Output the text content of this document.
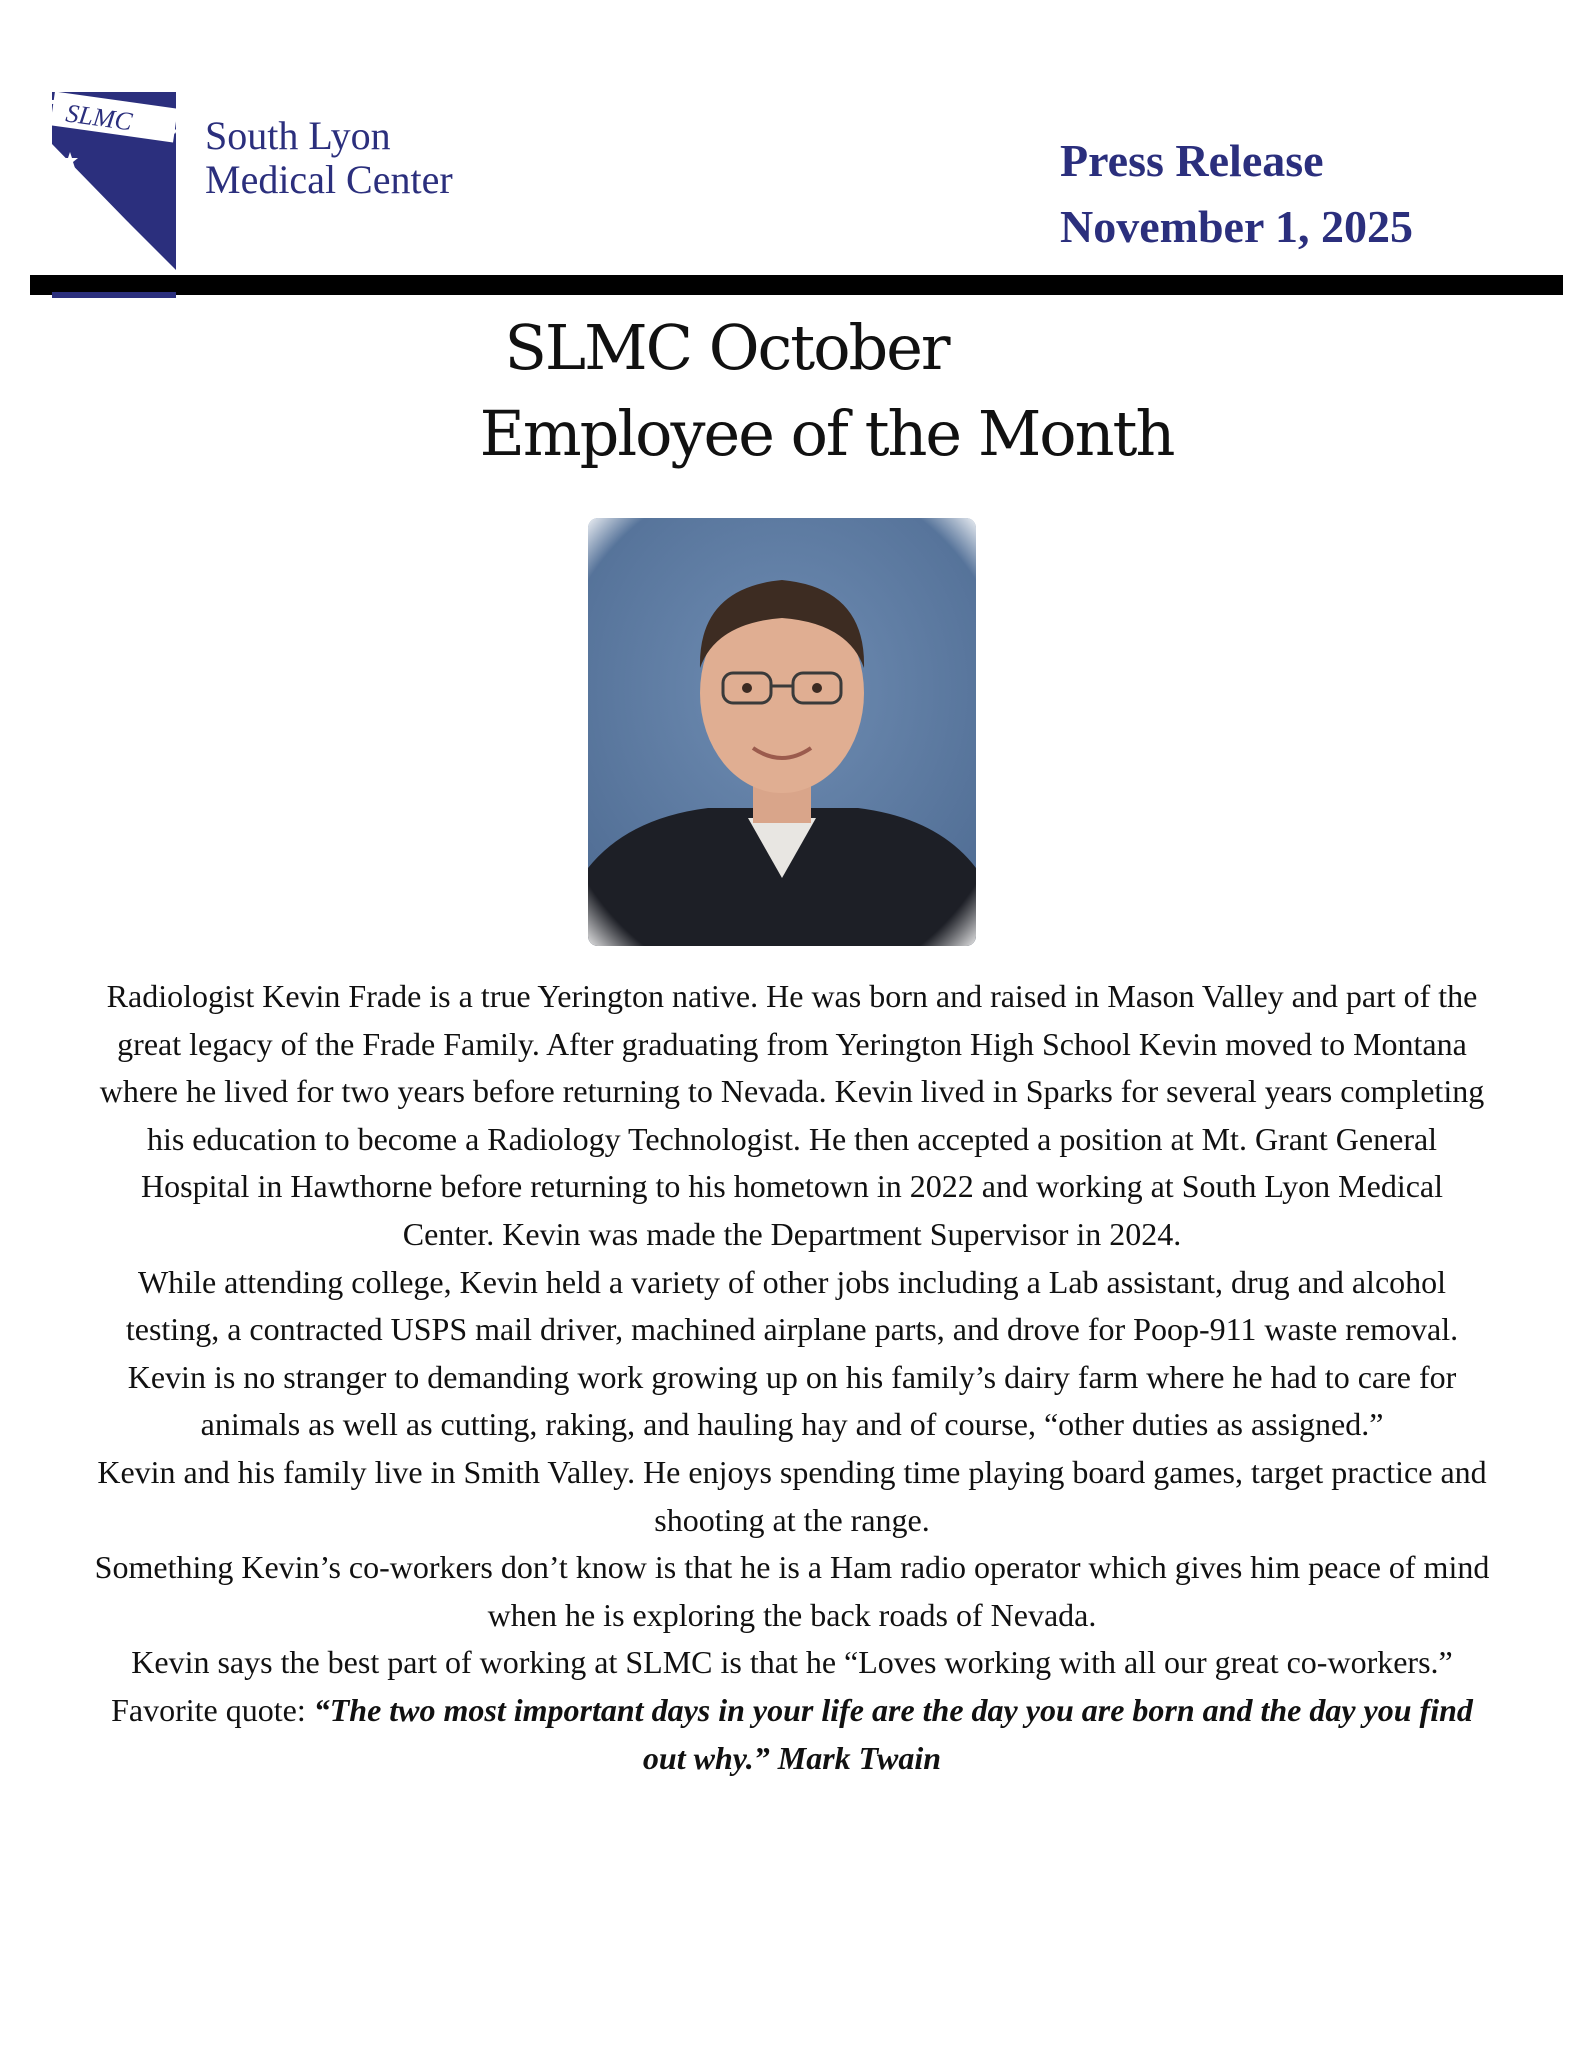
SLMC South Lyon
Medical Center	Press Release
November 1, 2025
SLMC October
Employee of the Month

Radiologist Kevin Frade is a true Yerington native. He was born and raised in Mason Valley and part of the great legacy of the Frade Family. After graduating from Yerington High School Kevin moved to Montana where he lived for two years before returning to Nevada. Kevin lived in Sparks for several years completing his education to become a Radiology Technologist. He then accepted a position at Mt. Grant General Hospital in Hawthorne before returning to his hometown in 2022 and working at South Lyon Medical Center. Kevin was made the Department Supervisor in 2024.

While attending college, Kevin held a variety of other jobs including a Lab assistant, drug and alcohol testing, a contracted USPS mail driver, machined airplane parts, and drove for Poop-911 waste removal. Kevin is no stranger to demanding work growing up on his family’s dairy farm where he had to care for animals as well as cutting, raking, and hauling hay and of course, “other duties as assigned.”

Kevin and his family live in Smith Valley. He enjoys spending time playing board games, target practice and shooting at the range.

Something Kevin’s co-workers don’t know is that he is a Ham radio operator which gives him peace of mind when he is exploring the back roads of Nevada.

Kevin says the best part of working at SLMC is that he “Loves working with all our great co-workers.”

Favorite quote: “The two most important days in your life are the day you are born and the day you find out why.” Mark Twain
